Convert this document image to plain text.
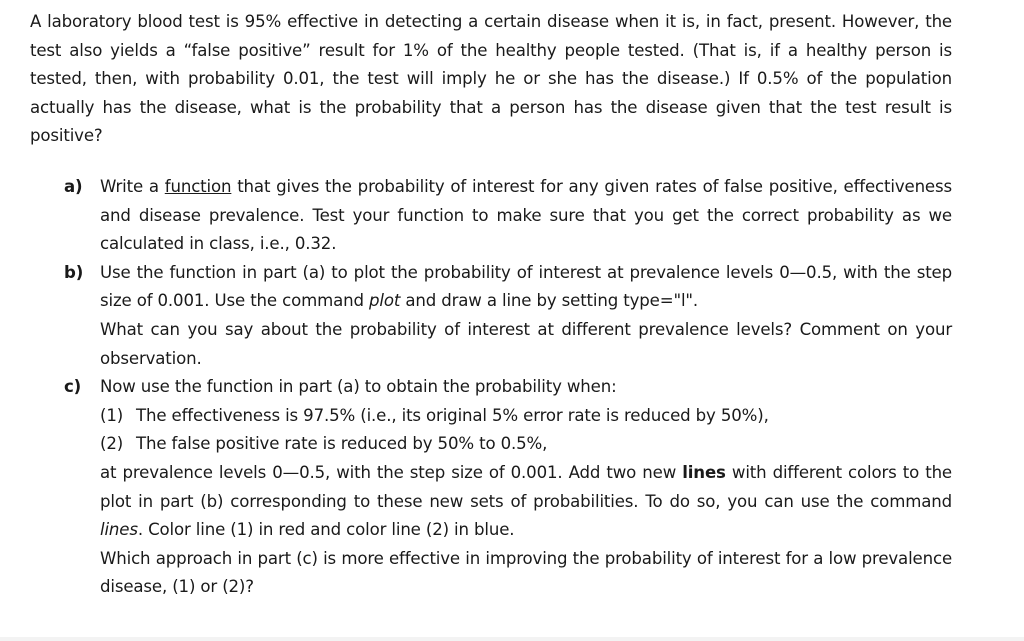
A laboratory blood test is 95% effective in detecting a certain disease when it is, in fact, present. However, the test also yields a “false positive” result for 1% of the healthy people tested. (That is, if a healthy person is tested, then, with probability 0.01, the test will imply he or she has the disease.) If 0.5% of the population actually has the disease, what is the probability that a person has the disease given that the test result is positive?

a)	Write a function that gives the probability of interest for any given rates of false positive, effectiveness and disease prevalence. Test your function to make sure that you get the correct probability as we calculated in class, i.e., 0.32.

b)	Use the function in part (a) to plot the probability of interest at prevalence levels 0—0.5, with the step size of 0.001. Use the command plot and draw a line by setting type="l".

What can you say about the probability of interest at different prevalence levels? Comment on your observation.

c)	Now use the function in part (a) to obtain the probability when:

(1) The effectiveness is 97.5% (i.e., its original 5% error rate is reduced by 50%),

(2) The false positive rate is reduced by 50% to 0.5%,

at prevalence levels 0—0.5, with the step size of 0.001. Add two new lines with different colors to the plot in part (b) corresponding to these new sets of probabilities. To do so, you can use the command lines. Color line (1) in red and color line (2) in blue.

Which approach in part (c) is more effective in improving the probability of interest for a low prevalence disease, (1) or (2)?
